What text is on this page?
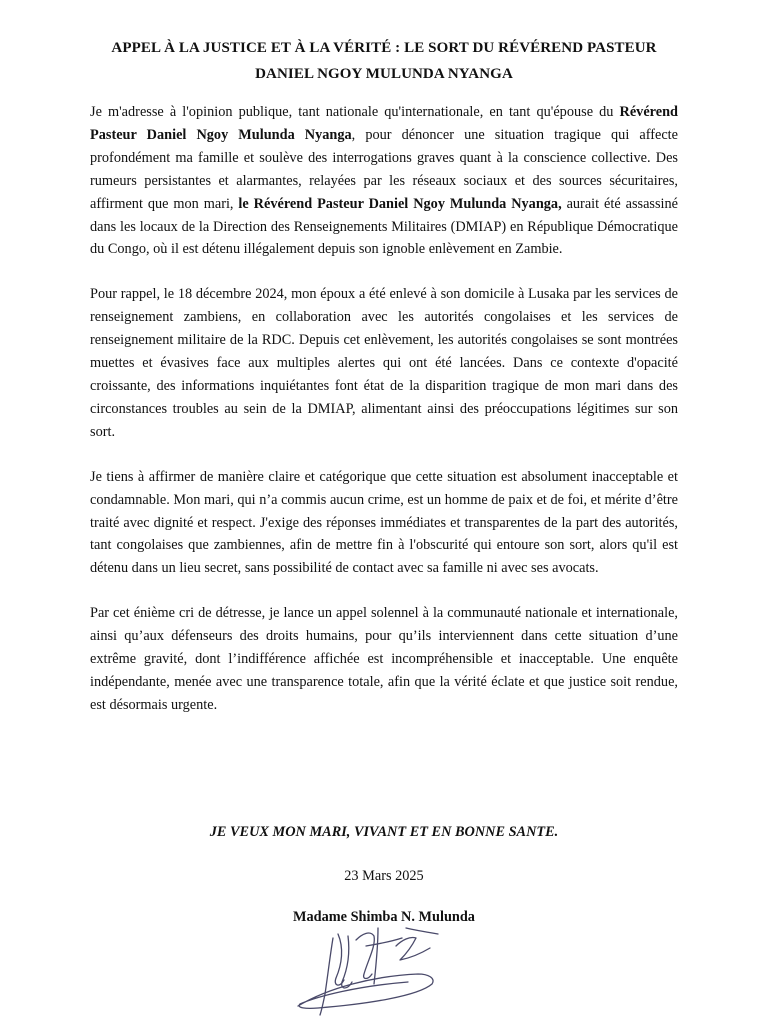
APPEL À LA JUSTICE ET À LA VÉRITÉ : LE SORT DU RÉVÉREND PASTEUR
DANIEL NGOY MULUNDA NYANGA

Je m'adresse à l'opinion publique, tant nationale qu'internationale, en tant qu'épouse du Révérend Pasteur Daniel Ngoy Mulunda Nyanga, pour dénoncer une situation tragique qui affecte profondément ma famille et soulève des interrogations graves quant à la conscience collective. Des rumeurs persistantes et alarmantes, relayées par les réseaux sociaux et des sources sécuritaires, affirment que mon mari, le Révérend Pasteur Daniel Ngoy Mulunda Nyanga, aurait été assassiné dans les locaux de la Direction des Renseignements Militaires (DMIAP) en République Démocratique du Congo, où il est détenu illégalement depuis son ignoble enlèvement en Zambie.

Pour rappel, le 18 décembre 2024, mon époux a été enlevé à son domicile à Lusaka par les services de renseignement zambiens, en collaboration avec les autorités congolaises et les services de renseignement militaire de la RDC. Depuis cet enlèvement, les autorités congolaises se sont montrées muettes et évasives face aux multiples alertes qui ont été lancées. Dans ce contexte d'opacité croissante, des informations inquiétantes font état de la disparition tragique de mon mari dans des circonstances troubles au sein de la DMIAP, alimentant ainsi des préoccupations légitimes sur son sort.

Je tiens à affirmer de manière claire et catégorique que cette situation est absolument inacceptable et condamnable. Mon mari, qui n’a commis aucun crime, est un homme de paix et de foi, et mérite d’être traité avec dignité et respect. J'exige des réponses immédiates et transparentes de la part des autorités, tant congolaises que zambiennes, afin de mettre fin à l'obscurité qui entoure son sort, alors qu'il est détenu dans un lieu secret, sans possibilité de contact avec sa famille ni avec ses avocats.

Par cet énième cri de détresse, je lance un appel solennel à la communauté nationale et internationale, ainsi qu’aux défenseurs des droits humains, pour qu’ils interviennent dans cette situation d’une extrême gravité, dont l’indifférence affichée est incompréhensible et inacceptable. Une enquête indépendante, menée avec une transparence totale, afin que la vérité éclate et que justice soit rendue, est désormais urgente.

JE VEUX MON MARI, VIVANT ET EN BONNE SANTE.
23 Mars 2025
Madame Shimba N. Mulunda
